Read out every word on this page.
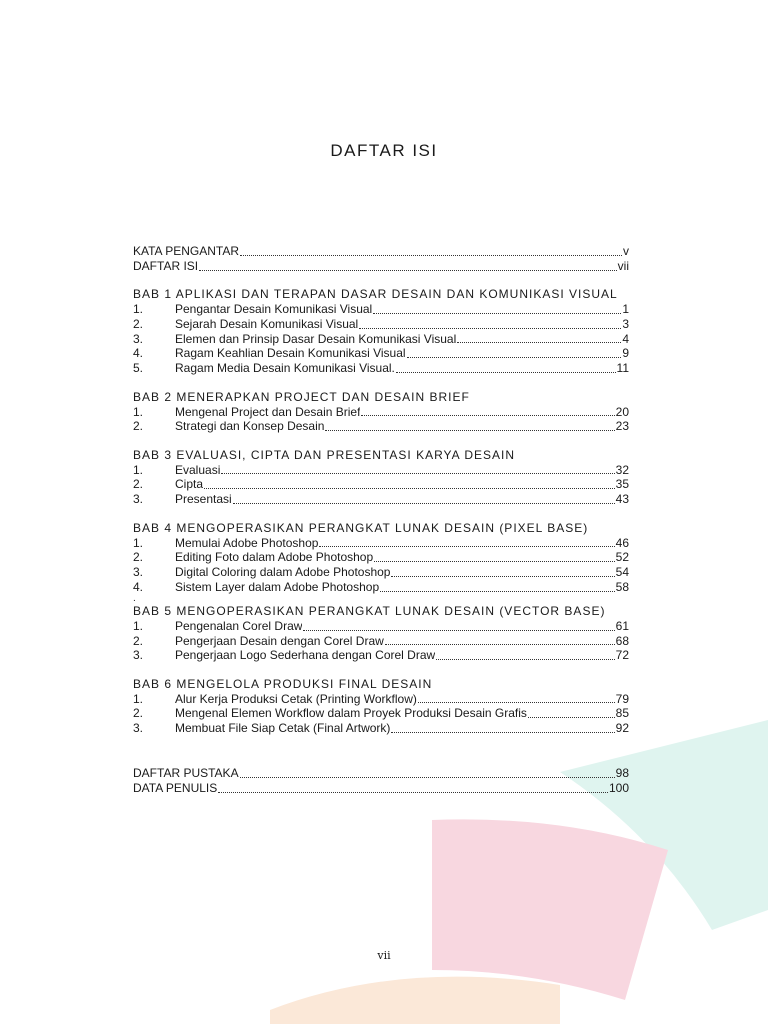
DAFTAR ISI
KATA PENGANTAR	v
DAFTAR ISI	vii
BAB 1 APLIKASI DAN TERAPAN DASAR DESAIN DAN KOMUNIKASI VISUAL
1.	Pengantar Desain Komunikasi Visual	1
2.	Sejarah Desain Komunikasi Visual	3
3.	Elemen dan Prinsip Dasar Desain Komunikasi Visual	4
4.	Ragam Keahlian Desain Komunikasi Visual	9
5.	Ragam Media Desain Komunikasi Visual.	11
BAB 2 MENERAPKAN PROJECT DAN DESAIN BRIEF
1.	Mengenal Project dan Desain Brief	20
2.	Strategi dan Konsep Desain	23
BAB 3 EVALUASI, CIPTA DAN PRESENTASI KARYA DESAIN
1.	Evaluasi	32
2.	Cipta	35
3.	Presentasi	43
BAB 4 MENGOPERASIKAN PERANGKAT LUNAK DESAIN (PIXEL BASE)
1.	Memulai Adobe Photoshop	46
2.	Editing Foto dalam Adobe Photoshop	52
3.	Digital Coloring dalam Adobe Photoshop	54
4.	Sistem Layer dalam Adobe Photoshop	58
.
BAB 5 MENGOPERASIKAN PERANGKAT LUNAK DESAIN (VECTOR BASE)
1.	Pengenalan Corel Draw	61
2.	Pengerjaan Desain dengan Corel Draw	68
3.	Pengerjaan Logo Sederhana dengan Corel Draw	72
BAB 6 MENGELOLA PRODUKSI FINAL DESAIN
1.	Alur Kerja Produksi Cetak (Printing Workflow)	79
2.	Mengenal Elemen Workflow dalam Proyek Produksi Desain Grafis	85
3.	Membuat File Siap Cetak (Final Artwork)	92
DAFTAR PUSTAKA	98
DATA PENULIS	100
vii
